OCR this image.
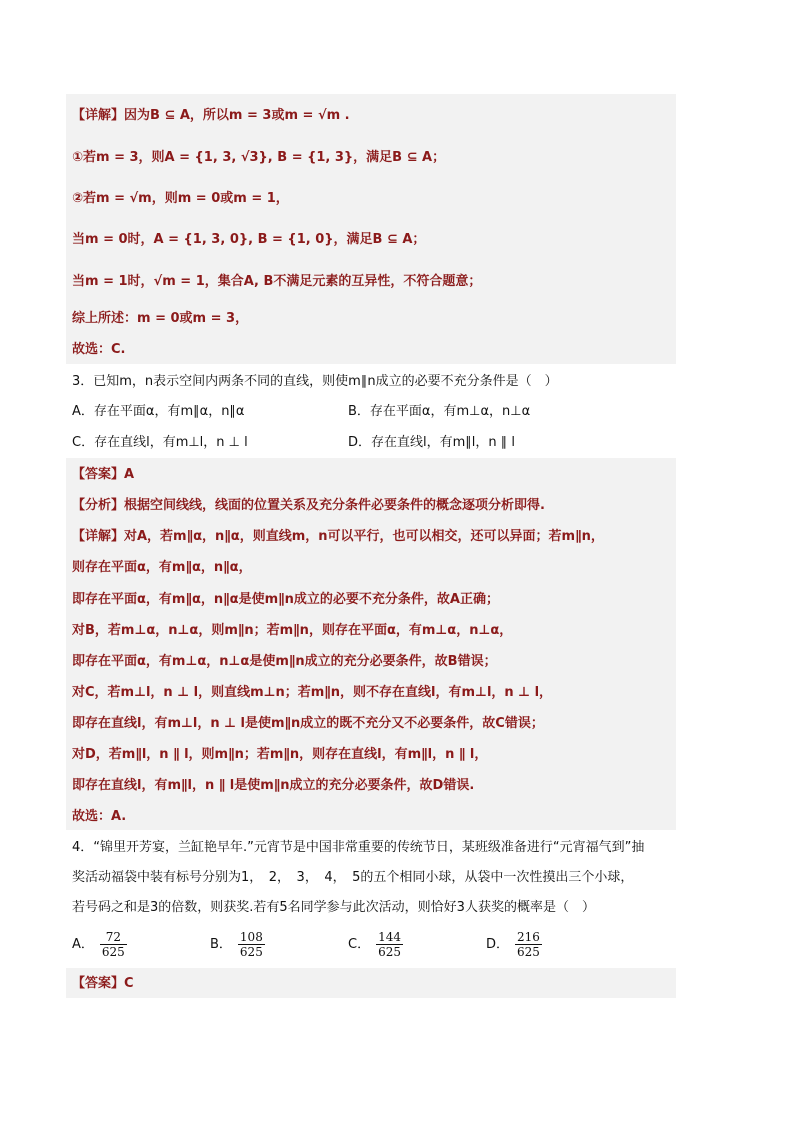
【详解】因为B ⊆ A，所以m = 3或m = √m .
①若m = 3，则A = {1, 3, √3}, B = {1, 3}，满足B ⊆ A；
②若m = √m，则m = 0或m = 1，
当m = 0时，A = {1, 3, 0}, B = {1, 0}，满足B ⊆ A；
当m = 1时，√m = 1，集合A, B不满足元素的互异性，不符合题意；
综上所述：m = 0或m = 3，
故选：C.
3．已知m，n表示空间内两条不同的直线，则使m∥n成立的必要不充分条件是（　）
A．存在平面α，有m∥α，n∥α	B．存在平面α，有m⊥α，n⊥α
C．存在直线l，有m⊥l，n ⊥ l	D．存在直线l，有m∥l，n ∥ l
【答案】A
【分析】根据空间线线，线面的位置关系及充分条件必要条件的概念逐项分析即得.
【详解】对A，若m∥α，n∥α，则直线m，n可以平行，也可以相交，还可以异面；若m∥n，
则存在平面α，有m∥α，n∥α，
即存在平面α，有m∥α，n∥α是使m∥n成立的必要不充分条件，故A正确；
对B，若m⊥α，n⊥α，则m∥n；若m∥n，则存在平面α，有m⊥α，n⊥α，
即存在平面α，有m⊥α，n⊥α是使m∥n成立的充分必要条件，故B错误；
对C，若m⊥l，n ⊥ l，则直线m⊥n；若m∥n，则不存在直线l，有m⊥l，n ⊥ l，
即存在直线l，有m⊥l，n ⊥ l是使m∥n成立的既不充分又不必要条件，故C错误；
对D，若m∥l，n ∥ l，则m∥n；若m∥n，则存在直线l，有m∥l，n ∥ l，
即存在直线l，有m∥l，n ∥ l是使m∥n成立的充分必要条件，故D错误.
故选：A.
4．“锦里开芳宴，兰缸艳早年.”元宵节是中国非常重要的传统节日，某班级准备进行“元宵福气到”抽
奖活动福袋中装有标号分别为1，　2，　3，　4，　5的五个相同小球，从袋中一次性摸出三个小球，
若号码之和是3的倍数，则获奖.若有5名同学参与此次活动，则恰好3人获奖的概率是（　）
A． $\frac{72}{625}$	B． $\frac{108}{625}$	C． $\frac{144}{625}$	D． $\frac{216}{625}$
【答案】C
